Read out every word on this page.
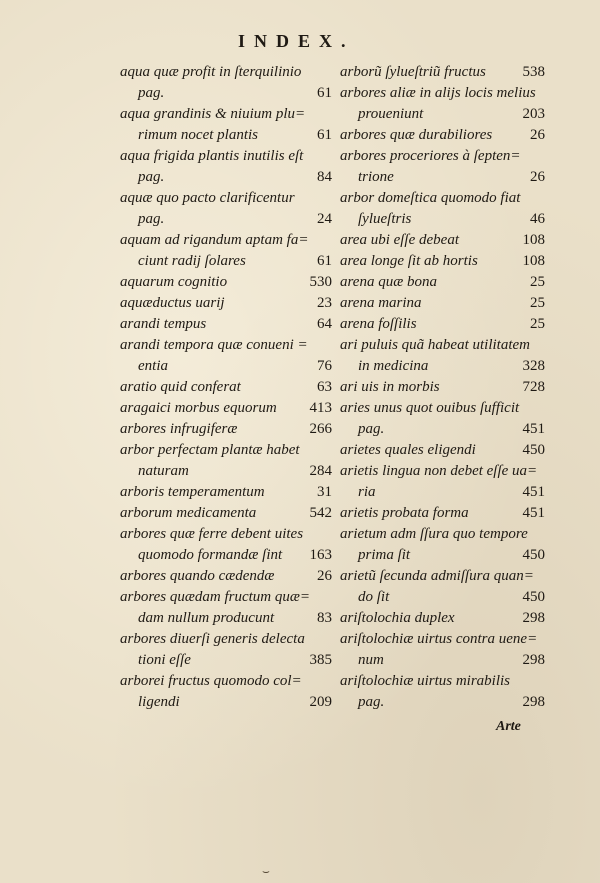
INDEX.
aqua quæ profit in ſterquilinio
pag.	61
aqua grandinis & niuium plu=
rimum nocet plantis	61
aqua frigida plantis inutilis eſt
pag.	84
aquæ quo pacto clarificentur
pag.	24
aquam ad rigandum aptam fa=
ciunt radij ſolares	61
aquarum cognitio	530
aquæductus uarij	23
arandi tempus	64
arandi tempora quæ conueni =
entia	76
aratio quid conferat	63
aragaici morbus equorum 413
arbores infrugiferæ	266
arbor perfectam plantæ habet
naturam	284
arboris temperamentum	31
arborum medicamenta	542
arbores quæ ferre debent uites
quomodo formandæ ſint 163
arbores quando cædendæ	26
arbores quædam fructum quæ=
dam nullum producunt	83
arbores diuerſi generis delecta
tioni eſſe	385
arborei fructus quomodo col=
ligendi	209
arborũ ſylueſtriũ fructus 538
arbores aliæ in alijs locis melius
proueniunt	203
arbores quæ durabiliores	26
arbores proceriores à ſepten=
trione	26
arbor domeſtica quomodo fiat
ſylueſtris	46
area ubi eſſe debeat	108
area longe ſit ab hortis	108
arena quæ bona	25
arena marina	25
arena foſſilis	25
ari puluis quã habeat utilitatem
in medicina	328
ari uis in morbis	728
aries unus quot ouibus ſufficit
pag.	451
arietes quales eligendi	450
arietis lingua non debet eſſe ua=
ria	451
arietis probata forma	451
arietum adm ſſura quo tempore
prima ſit	450
arietũ ſecunda admiſſura quan=
do ſit	450
ariſtolochia duplex	298
ariſtolochiæ uirtus contra uene=
num	298
ariſtolochiæ uirtus mirabilis
pag.	298
Arte
⌣
